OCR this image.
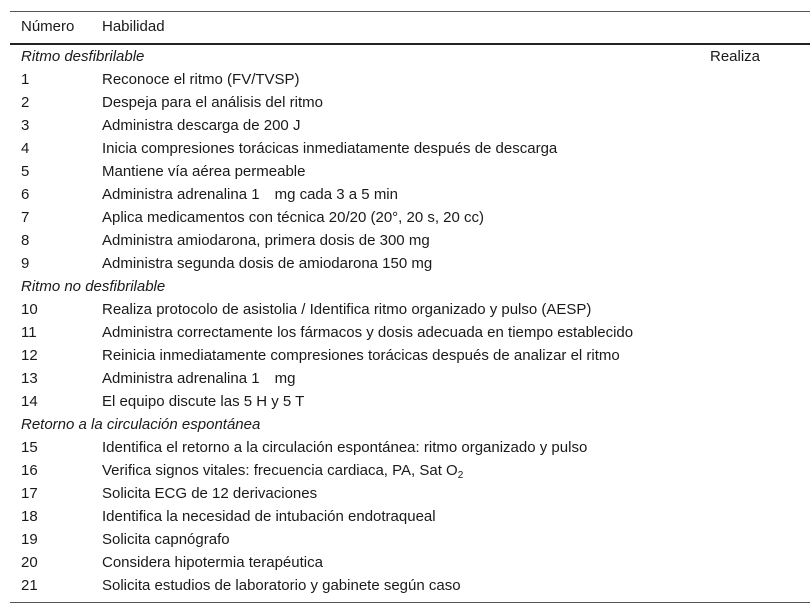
Número Habilidad
Ritmo desfibrilable	Realiza
1	Reconoce el ritmo (FV/TVSP)
2	Despeja para el análisis del ritmo
3	Administra descarga de 200 J
4	Inicia compresiones torácicas inmediatamente después de descarga
5	Mantiene vía aérea permeable
6	Administra adrenalina 1 mg cada 3 a 5 min
7	Aplica medicamentos con técnica 20/20 (20°, 20 s, 20 cc)
8	Administra amiodarona, primera dosis de 300 mg
9	Administra segunda dosis de amiodarona 150 mg
Ritmo no desfibrilable
10	Realiza protocolo de asistolia / Identifica ritmo organizado y pulso (AESP)
11	Administra correctamente los fármacos y dosis adecuada en tiempo establecido
12	Reinicia inmediatamente compresiones torácicas después de analizar el ritmo
13	Administra adrenalina 1 mg
14	El equipo discute las 5 H y 5 T
Retorno a la circulación espontánea
15	Identifica el retorno a la circulación espontánea: ritmo organizado y pulso
16	Verifica signos vitales: frecuencia cardiaca, PA, Sat $O_2$
17	Solicita ECG de 12 derivaciones
18	Identifica la necesidad de intubación endotraqueal
19	Solicita capnógrafo
20	Considera hipotermia terapéutica
21	Solicita estudios de laboratorio y gabinete según caso
